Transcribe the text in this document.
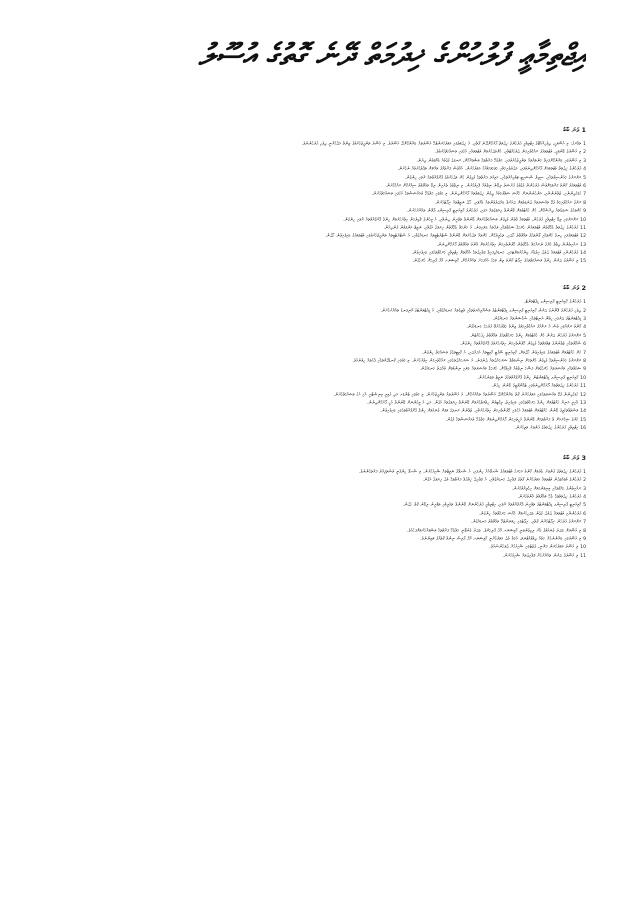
އިޖްތިމާޢީ ފުލުހުންގެ ޚިދުމަތް ދޭނެ ގޮތުގެ އުސޫލު
1 ވަނަ ބާބު
1 ތަޢާރަފު: މި އުސޫލަކީ، ދިވެހިރާއްޖޭގެ އިޖްތިމާޢީ ފުލުހުންގެ ޚިދުމަތް ފޯރުކޮށްދޭނެ ގޮތާއި، އެ ޚިދުމަތުގައި ޢަމަލުކުރަންޖެހޭ އުސޫލުތައް ބަޔާންކޮށްދޭ އުސޫލެވެ. މި އުސޫލު ތަންފީޒުކުރުމުގެ ޒިންމާ އަދާކުރާނީ ދިވެހި ފުލުހުންނެވެ.
2 މި އުސޫލުގެ ބޭނުމަކީ، މުޖުތަމަޢުގެ ރައްކާތެރިކަން ދެމެހެއްޓުމާއި، ކުށްމަދުކުރުމަށް މުޖުތަމަޢާއި އެކުގައި މަސައްކަތްކުރުމެވެ.
3 މި އުސޫލުގައި ބަޔާންކޮށްފައިވާ ކަންތައްތައް ތަންފީޒުކުރުމުގައި، ކަމާބެހޭ ފަރާތްތަކާ މަޝްވަރާކޮށް، ރަނގަޅު ގުޅުމެއް ބާއްވަމުން ދިޔުން.
4 ފުލުހުންގެ ޚިދުމަތް މުޖުތަމަޢަށް ފޯރުކޮށްދިނުމުގައި، ޢަދުލުވެރިކަމާއި ހަމަހަމަކަމާއެކު ޢަމަލުކުރުން. އެއްވެސް ފަރާތެއްގެ މައްޗަށް ތަފާތުކުރުމެއް ނުކުރުން.
5 ރަށްރަށުގެ ކައުންސިލްތަކާއި، ސިވިލް ސޮސައިޓީ ޖަމްޢިއްޔާތަކާއި، އަމިއްލަ ފަރާތްތަކާ ގުޅިގެން ކުށް މަދުކުރުމުގެ ޕްރޮގްރާމްތައް ރާވައި ހިންގުން.
6 މުޖުތަމަޢުގެ ކޮންމެ ފަރާތަކަށްވެސް ފުލުހުންނާ ގުޅުމުގެ ފުރުޞަތު ލިބޭނެ ނިޒާމެއް ޤާއިމުކުރުން. މި ނިޒާމުގެ ތެރެއިން ލިބޭ މަޢުލޫމާތު ސިއްރުކޮށް ރައްކާކުރުން.
7 ކުޑަކުދިންނާއި، ޒުވާނުންނާއި، އަންހެނުންނަށް ހާއްސަ ސަމާލުކަމެއް ދީގެން ޚިދުމަތްތައް ފޯރުކޮށްދިނުން. މި ކަމުގައި ކަމާބެހޭ މުއައްސަސާތަކާ އެކުގައި މަސައްކަތްކުރުން.
8 ރަށުގެ ރައްކާތެރިކަމާ ގުޅޭ މައްސަލަތައް ދެނެގަތުމަށް ދައުރުވާ ބައްދަލުވުންތައް ބާއްވައި، ހޯދާ ނަތީޖާތައް ރިޕޯޓުކުރުން.
9 ކުށްތަކުގެ ސަބަބުތައް ދިރާސާކޮށް، ކުށް ހުއްޓުވުމަށް ބޭނުންވާ ފިޔަވަޅުތައް އަޅައި، ފުލުހުންގެ ކޮމިއުނިޓީ ޕޮލިސިންގ ޕްލޭން ތައްޔާރުކުރުން.
10 ރަށްރަށުގައި ތިބޭ އިޖްތިމާޢީ ފުލުހުން، މުޖުތަމަޢާ ގާތުން ގުޅިގެން މަސައްކަތްކުރުމަށް ބޭނުންވާ ތަމްރީނު ދިނުމާއި، އެ މީހުންގެ ޤާބިލުކަން އިތުރުކުރުމަށް ހިންގާ ޕްރޮގްރާމްތައް ރާވައި ހިންގުން.
11 ފުލުހުންގެ ޚިދުމަތާ ބެހޭގޮތުން މުޖުތަމަޢުން ހުށަހަޅާ ޝަކުވާތަކާއި ލަފާތައް ބަލައިގަނެ، އެ ކަންކަމާ ބެހޭގޮތުން ފިޔަވަޅު އެޅުމާއި، ނަތީޖާ އަންގަމުން ގެންދިއުން.
12 މުޖުތަމަޢުގައި ހިނގާ ކުށްތަކާއި ގޯނާތަކުގެ މަޢުލޫމާތު ހޯދައި، ތަޙުލީލުކޮށް، ކުށްތައް މަދުކުރުމަށް ބޭނުންވާ ސްޓްރެޓެޖީތައް ކަނޑައެޅުމާއި، އެ ސްޓްރެޓެޖީތައް ތަންފީޒުކުރުމުގައި މުޖުތަމަޢުގެ ބައިވެރިވުން ހޯދުން.
13 ރައްޔިތުންނާ ދިމާވާ ކުށުގެ ނުރައްކަލާ ބެހޭގޮތުން ހޭލުންތެރިކަން އިތުރުކުރުމަށް ޢާންމު މަޢުލޫމާތު ފޯރުކޮށްދިނުން.
14 ފުލުހުންނާއި މުޖުތަމަޢާ ދެމެދު އިތުބާރު ބިނާކުރުމަށްޓަކައި، ކަނޑައެޅިފައިވާ ގަވާއިދުތަކާ އެއްގޮތަށް އިޖްތިމާޢީ ހަރަކާތްތަކުގައި ބައިވެރިވުން.
15 މި އުސޫލުގެ ދަށުން ހިންގާ މަސައްކަތްތަކުގެ ރިޕޯޓު ކޮންމެ ތިން މަހަކު އެއްފަހަރު ތައްޔާރުކޮށް، ކޮމިޝަނަރ އޮފް ޕޮލިހަށް ހުށަހެޅުން.
2 ވަނަ ބާބު
1 ފުލުހުންގެ ކޮމިއުނިޓީ ޕޮލިސިންގ ޑިޕާޓްމަންޓް.
2 ދިވެހި ފުލުހުންގެ ޤާނޫނުގެ ދަށުން ކޮމިއުނިޓީ ޕޮލިސިންގ ޑިޕާޓްމަންޓުގެ މަސްއޫލިއްޔަތުތަކާއި ވާޖިބުތައް ކަނޑައެޅުމާއި، އެ ޑިޕާޓްމަންޓުގެ އޮނިގަނޑު ތައްޔާރުކުރުން.
3 ޑިޕާޓްމަންޓުގެ ދަށުގައި ހިމެނޭ ޔުނިޓްތަކާއި ސެކްޝަންތައް ކަނޑައެޅުން.
4 ކޮންމެ ރަށެއްގައި ވެސް އެ ރަށެއްގެ ރައްކާތެރިކަމުގެ ޒިންމާ ހަވާލުކުރެވޭ ފުލުހަކު ކަނޑައެޅުން.
5 ރަށްރަށުގެ ފުލުހުން ދަށުން ކުށް ހުއްޓުވުމަށް ހިންގާ ހަރަކާތްތަކުގެ މަޢުލޫމާތު ހިފެހެއްޓުން.
6 ސްކޫލްތަކާއި ޒުވާނުންގެ ޖަމާޢަތްތަކާ ގުޅިގެން ހޭލުންތެރިކަން އިތުރުކުރުމުގެ ޕްރޮގްރާމްތައް ހިންގުން.
7 ކުށް ހުއްޓުވުމަށް މުޖުތަމަޢުގެ ބައިވެރިވުން ހޯދުމަށް، ކޮމިއުނިޓީ ސޭފްޓީ ކޮމިޓީތައް އުފައްދައި، އެ ކޮމިޓީތަކުގެ މަސައްކަތް ހިންގުން.
8 ރަށްރަށުގެ ކައުންސިލްތަކާ ގުޅިގެން ކުށްތަކަށް ނިސްބަތްވާ ސަރަހައްދުތައް ދެނެގަނެ، އެ ސަރަހައްދުތަކުގައި ރައްކާތެރިކަން އިތުރުކުރުން. މި ކަމުގައި ގޮނޑުދޮށުތަކާއި ޕާކުތައް ހިމެނެއެވެ.
9 ޝަކުވާތަކާއި މައްސަލަތައް ހުށަހެޅުމަށް ފަސޭހަ ނިޒާމެއް ޤާއިމުކޮށް، ހުށަހަޅާ މައްސަލަތައް ބަލައި ނިންމުމަށް މުއްދަތު ކަނޑައެޅުން.
10 ކޮމިއުނިޓީ ޕޮލިސިންގ ޑިޕާޓްމަންޓުން ހިންގާ ޕްރޮގްރާމްތަކުގެ ނަތީޖާ ވަޒަނުކުރުން.
11 ފުލުހުންގެ ޚިދުމަތްތައް ފޯރުކޮށްދިނުމުގައި ޓެކްނޮލޮޖީގެ ބޭނުން ހިފުން.
12 ކުޑަކުދިންނާ ގުޅޭ މައްސަލަތަކުގައި ޢަމަލުކުރާނެ ގޮތް ބަޔާންކޮށްދޭ އުސޫލުތައް ތައްޔާރުކޮށް، އެ އުސޫލުތައް ތަންފީޒުކުރުން. މި ކަމުގައި ޖެންޑަރ އަދި ފެމިލީ މިނިސްޓްރީ އާއި އެކު މަސައްކަތްކުރުން.
13 ޢާއިލީ އަނިޔާ ހުއްޓުވުމަށް ހިންގާ ހަރަކާތްތަކުގައި ބައިވެރިވެ، ވިކްޓިމުން ހިމާޔަތްކުރުމަށް ބޭނުންވާ ފިޔަވަޅުތައް އެޅުން. އަދި އެ މީހުންނަށް ބޭނުންވާ އެހީ ފޯރުކޮށްދިނުން.
14 މަސްތުވާތަކެތީގެ ބޭނުން ހުއްޓުވުމަށް މުޖުތަމަޢާ އެކުގައި ހޭލުންތެރިކަން އިތުރުކުރުމާއި، ޒުވާނުން ރަނގަޅު މަގަށް ގެނައުމަށް ހިންގާ ޕްރޮގްރާމްތަކުގައި ބައިވެރިވުން.
15 ކުށުގެ ޝިކާރައަށް ވާ ފަރާތްތަކަށް ބޭނުންވާ އެހީތެރިކަން ފޯރުކޮށްދިނުމަށް ކަމާބެހޭ މުއައްސަސާތަކާ ގުޅުން.
16 އިޖްތިމާޢީ ފުލުހުންގެ ޚިދުމަތުގެ ފެންވަރު މަތިކުރުން.
3 ވަނަ ބާބު
1 ފުލުހުންގެ ޚިދުމަތުގެ ފެންވަރު ބެލުމަށް ކޮންމެ އަހަރަކު މުޖުތަމަޢުގެ ސާރވޭއެއް ހިންގައި، އެ ސާރވޭގެ ނަތީޖާތައް ޝާއިޢުކުރުން. މި ސާރވޭ ހިންގާނީ މުސްތަޤިއްލު ފަރާތަކުންނެވެ.
2 ފުލުހުންގެ މުވައްޒަފުން މުޖުތަމަޢާ ޢަމަލުކުރާނެ ގޮތުގެ ޤަވާޢިދު ކަނޑައެޅުމާއި، އެ ޤަވާޢިދާ ޚިލާފުވާ ފަރާތްތަކާ މެދު ފިޔަވަޅު އެޅުން.
3 ރައްޔިތުންގެ ޙައްޤުތަކާއި މިނިވަންކަމަށް އިޙްތިރާމްކުރުން.
4 ފުލުހުންގެ ޚިދުމަތްތަކާ ބެހޭ މަޢުލޫމާތު ޢާންމުކުރުން.
5 ކޮމިއުނިޓީ ޕޮލިސިންގ ޑިޕާޓްމަންޓުގެ ތަމްރީނު ޕްރޮގްރާމްތައް ރާވައި، އިޖްތިމާޢީ ފުލުހުންނަށް ބޭނުންވާ ތަޢުލީމާއި ތަމްރީނު ލިބޭނެ ގޮތް ހެދުން.
6 ފުލުހުންނާއި މުޖުތަމަޢާ ދެމެދު ގުޅުން ބަދަހިކުރުމަށް ހާއްސަ ހަރަކާތްތައް ހިންގުން.
7 ރަށްރަށުގެ ފުލުހުން ރިޕޯޓުކުރާނެ ގޮތާއި، ރިޕޯޓުގައި ހިމަނަންޖެހޭ މަޢުލޫމާތު ކަނޑައެޅުން.
8 މި އުސޫލަށް ބަދަލު ގެނައުމުގެ ބާރު ލިބިގެންވަނީ ކޮމިޝަނަރ އޮފް ޕޮލިހަށެވެ. ބަދަލު ގެނެވޭނީ ކަމާބެހޭ ފަރާތްތަކާ މަޝްވަރާކުރުމަށްފަހުއެވެ.
9 މި އުސޫލުގައި ބަޔާންނުކުރާ ކަމެއް ދިމާވެއްޖެނަމަ، އެކަމާ މެދު ޢަމަލުކުރާނީ ކޮމިޝަނަރ އޮފް ޕޮލިސް ނިންމާ ގޮތެއްގެ މަތިންނެވެ.
10 މި އުސޫލު ޢަމަލުކުރަން ފަށާނީ، ގެޒެޓުގައި ޝާއިޢުކުރާ ދުވަހުންސެއެވެ.
11 މި އުސޫލުގެ ދަށުން ތައްޔާރުކުރާ ޤަވާޢިދުތައް ޝާއިޢުކުރުން.
